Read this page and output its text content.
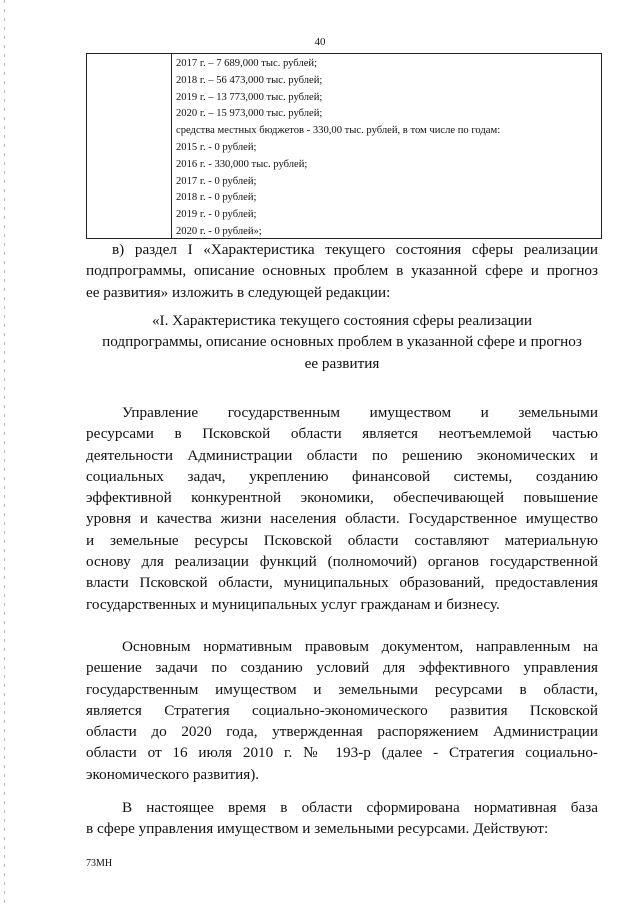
40
2017 г. – 7 689,000 тыс. рублей;
2018 г. – 56 473,000 тыс. рублей;
2019 г. – 13 773,000 тыс. рублей;
2020 г. – 15 973,000 тыс. рублей;
средства местных бюджетов - 330,00 тыс. рублей, в том числе по годам:
2015 г. - 0 рублей;
2016 г. - 330,000 тыс. рублей;
2017 г. - 0 рублей;
2018 г. - 0 рублей;
2019 г. - 0 рублей;
2020 г. - 0 рублей»;
в) раздел I «Характеристика текущего состояния сферы реализации
подпрограммы, описание основных проблем в указанной сфере и прогноз
ее развития» изложить в следующей редакции:
«I. Характеристика текущего состояния сферы реализации
подпрограммы, описание основных проблем в указанной сфере и прогноз
ее развития
Управление государственным имуществом и земельными
ресурсами в Псковской области является неотъемлемой частью
деятельности Администрации области по решению экономических и
социальных задач, укреплению финансовой системы, созданию
эффективной конкурентной экономики, обеспечивающей повышение
уровня и качества жизни населения области. Государственное имущество
и земельные ресурсы Псковской области составляют материальную
основу для реализации функций (полномочий) органов государственной
власти Псковской области, муниципальных образований, предоставления
государственных и муниципальных услуг гражданам и бизнесу.
Основным нормативным правовым документом, направленным на
решение задачи по созданию условий для эффективного управления
государственным имуществом и земельными ресурсами в области,
является Стратегия социально-экономического развития Псковской
области до 2020 года, утвержденная распоряжением Администрации
области от 16 июля 2010 г. № 193-р (далее - Стратегия социально-
экономического развития).
В настоящее время в области сформирована нормативная база
в сфере управления имуществом и земельными ресурсами. Действуют:
73МН
